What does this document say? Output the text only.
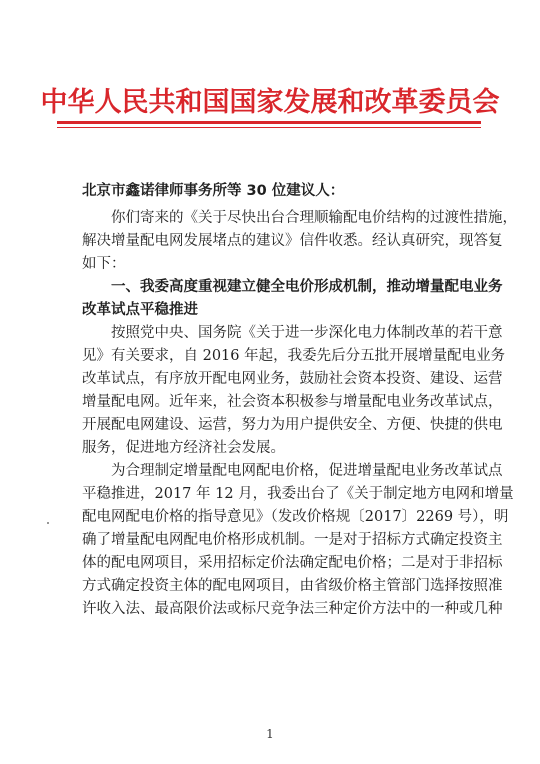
中华人民共和国国家发展和改革委员会

北京市鑫诺律师事务所等 30 位建议人：

你们寄来的《关于尽快出台合理顺输配电价结构的过渡性措施，

解决增量配电网发展堵点的建议》信件收悉。经认真研究，现答复

如下：

一、我委高度重视建立健全电价形成机制，推动增量配电业务

改革试点平稳推进

按照党中央、国务院《关于进一步深化电力体制改革的若干意

见》有关要求，自 2016 年起，我委先后分五批开展增量配电业务

改革试点，有序放开配电网业务，鼓励社会资本投资、建设、运营

增量配电网。近年来，社会资本积极参与增量配电业务改革试点，

开展配电网建设、运营，努力为用户提供安全、方便、快捷的供电

服务，促进地方经济社会发展。

为合理制定增量配电网配电价格，促进增量配电业务改革试点

平稳推进，2017 年 12 月，我委出台了《关于制定地方电网和增量

配电网配电价格的指导意见》（发改价格规〔2017〕2269 号），明

确了增量配电网配电价格形成机制。一是对于招标方式确定投资主

体的配电网项目，采用招标定价法确定配电价格；二是对于非招标

方式确定投资主体的配电网项目，由省级价格主管部门选择按照准

许收入法、最高限价法或标尺竞争法三种定价方法中的一种或几种

1
